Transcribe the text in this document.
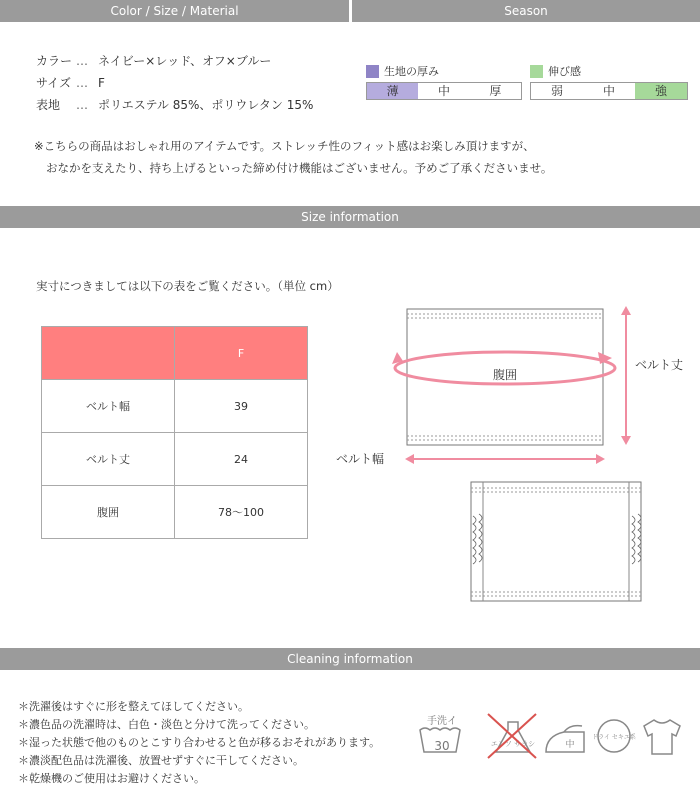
Color / Size / Material	Season
カラー … ネイビー×レッド、オフ×ブルー
サイズ … F
表地 … ポリエステル 85%、ポリウレタン 15%
生地の厚み
薄	中	厚
伸び感
弱	中	強
※こちらの商品はおしゃれ用のアイテムです。ストレッチ性のフィット感はお楽しみ頂けますが、
おなかを支えたり、持ち上げるといった締め付け機能はございません。予めご了承くださいませ。
Size information
実寸につきましては以下の表をご覧ください。（単位 cm）
	F
ベルト幅	39
ベルト丈	24
腹囲	78～100
腹囲
ベルト丈
ベルト幅
Cleaning information
＊洗濯後はすぐに形を整えてほしてください。
＊濃色品の洗濯時は、白色・淡色と分けて洗ってください。
＊湿った状態で他のものとこすり合わせると色が移るおそれがあります。
＊濃淡配色品は洗濯後、放置せずすぐに干してください。
＊乾燥機のご使用はお避けください。
手洗イ
30	エンソ サラシ	中
ドライ セキユ系
